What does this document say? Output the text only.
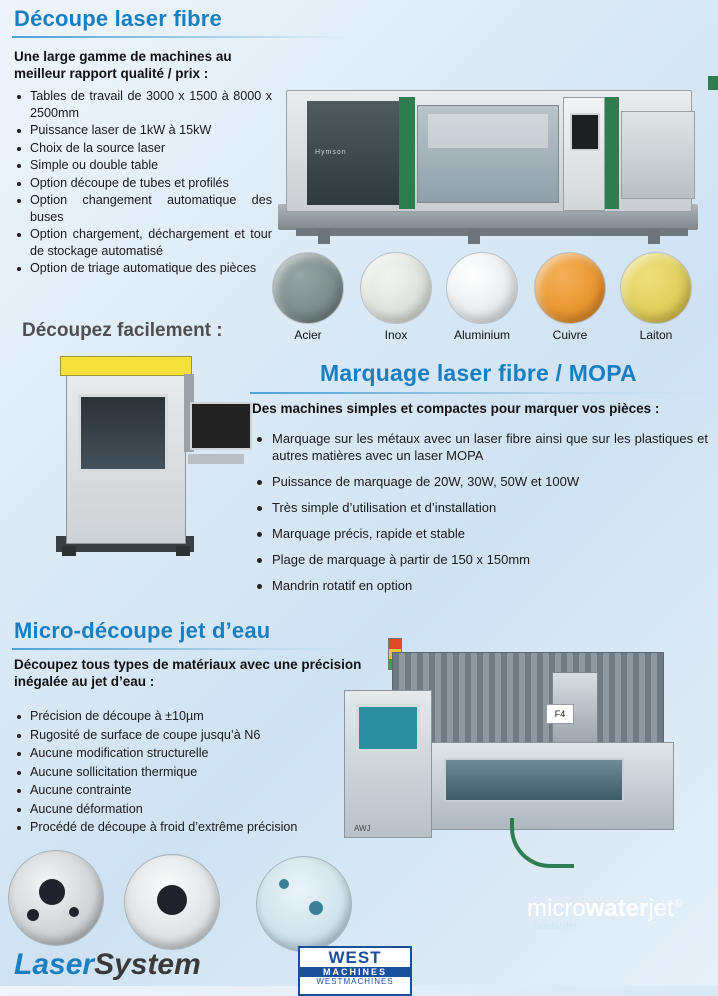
Découpe laser fibre
Une large gamme de machines au meilleur rapport qualité / prix :
Tables de travail de 3000 x 1500 à 8000 x 2500mm
Puissance laser de 1kW à 15kW
Choix de la source laser
Simple ou double table
Option découpe de tubes et profilés
Option changement automatique des buses
Option chargement, déchargement et tour de stockage automatisé
Option de triage automatique des pièces
Hymson
Acier	Inox	Aluminium	Cuivre	Laiton
Découpez facilement :
Marquage laser fibre / MOPA
Des machines simples et compactes pour marquer vos pièces :
Marquage sur les métaux avec un laser fibre ainsi que sur les plastiques et autres matières avec un laser MOPA
Puissance de marquage de 20W, 30W, 50W et 100W
Très simple d’utilisation et d’installation
Marquage précis, rapide et stable
Plage de marquage à partir de 150 x 150mm
Mandrin rotatif en option
Micro-découpe jet d’eau
Découpez tous types de matériaux avec une précision inégalée au jet d’eau :
Précision de découpe à ±10µm
Rugosité de surface de coupe jusqu’à N6
Aucune modification structurelle
Aucune sollicitation thermique
Aucune contrainte
Aucune déformation
Procédé de découpe à froid d’extrême précision
F4
microwaterjet®
Daetwyler
AWJ
LaserSystem	WEST
MACHINES
WESTMACHINES
